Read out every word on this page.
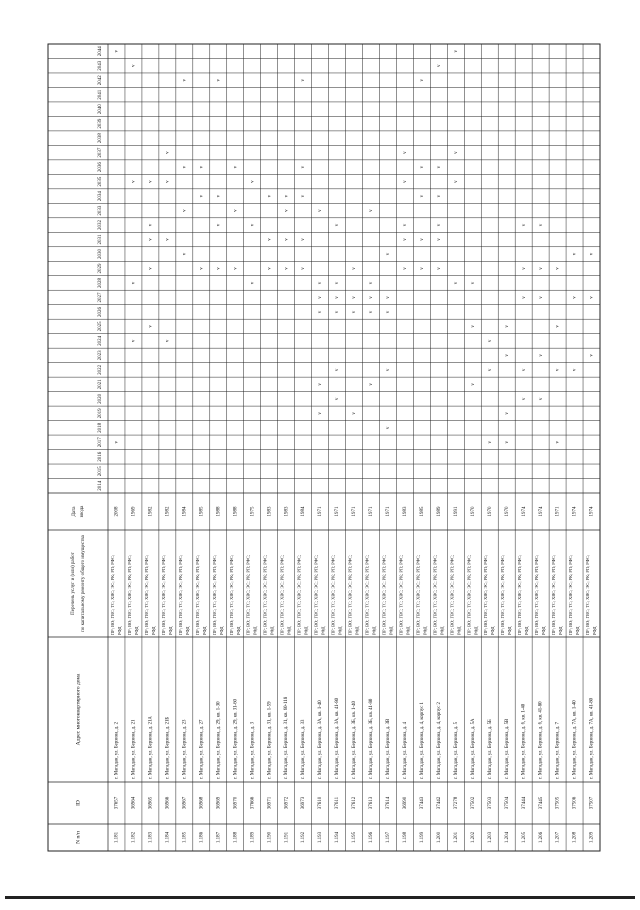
N п/п
ID
Адрес многоквартирного дома
Перечень услуг и (или) работ по капитальному ремонту общего имущества
Дата ввода
2014
2015
2016
2017
2018
2019
2020
2021
2022
2023
2024
2025
2026
2027
2028
2029
2030
2031
2032
2033
2034
2035
2036
2037
2038
2039
2040
2041
2042
2043
2044
1.181
37657
г. Магадан, ул. Берзина, д. 2
ПР; ВО; ГВС; ТС; ХВС; ЭС; РК; РП; РФС; РФД
2008
v
v
1.182
36964
г. Магадан, ул. Берзина, д. 21
ПР; ВО; ГВС; ТС; ХВС; ЭС; РК; РП; РФС; РФД
1969
v
v
v
v
1.183
36965
г. Магадан, ул. Берзина, д. 21А
ПР; ВО; ГВС; ТС; ХВС; ЭС; РК; РП; РФС; РФД
1982
v
v
v
v
v
1.184
36966
г. Магадан, ул. Берзина, д. 21Б
ПР; ВО; ГВС; ТС; ХВС; ЭС; РК; РП; РФС; РФД
1982
v
v
v
v
1.185
36967
г. Магадан, ул. Берзина, д. 23
ПР; ВО; ГВС; ТС; ХВС; ЭС; РК; РП; РФС; РФД
1984
v
v
v
v
1.186
36968
г. Магадан, ул. Берзина, д. 27
ПР; ВО; ГВС; ТС; ХВС; ЭС; РК; РП; РФС; РФД
1985
v
v
v
1.187
36969
г. Магадан, ул. Берзина, д. 29, кв. 1-30
ПР; ВО; ГВС; ТС; ХВС; ЭС; РК; РП; РФС; РФД
1988
v
v
v
v
1.188
36970
г. Магадан, ул. Берзина, д. 29, кв. 31-60
ПР; ВО; ГВС; ТС; ХВС; ЭС; РК; РП; РФС; РФД
1988
v
v
v
1.189
37666
г. Магадан, ул. Берзина, д. 3
ПР; ВО; ГВС; ТС; ХВС; ЭС; РК; РП; РФС; РФД
1975
v
v
v
1.190
36971
г. Магадан, ул. Берзина, д. 31, кв. 1-59
ПР; ВО; ГВС; ТС; ХВС; ЭС; РК; РП; РФС; РФД
1983
v
v
v
1.191
36972
г. Магадан, ул. Берзина, д. 31, кв. 60-118
ПР; ВО; ГВС; ТС; ХВС; ЭС; РК; РП; РФС; РФД
1983
v
v
v
v
1.192
36973
г. Магадан, ул. Берзина, д. 33
ПР; ВО; ГВС; ТС; ХВС; ЭС; РК; РП; РФС; РФД
1984
v
v
v
v
v
1.193
37610
г. Магадан, ул. Берзина, д. 3А, кв. 1-40
ПР; ВО; ГВС; ТС; ХВС; ЭС; РК; РП; РФС; РФД
1971
v
v
v
v
v
v
1.194
37611
г. Магадан, ул. Берзина, д. 3А, кв. 41-80
ПР; ВО; ГВС; ТС; ХВС; ЭС; РК; РП; РФС; РФД
1971
v
v
v
v
v
v
1.195
37612
г. Магадан, ул. Берзина, д. 3Б, кв. 1-40
ПР; ВО; ГВС; ТС; ХВС; ЭС; РК; РП; РФС; РФД
1971
v
v
v
v
1.196
37613
г. Магадан, ул. Берзина, д. 3Б, кв. 41-80
ПР; ВО; ГВС; ТС; ХВС; ЭС; РК; РП; РФС; РФД
1971
v
v
v
v
v
1.197
37614
г. Магадан, ул. Берзина, д. 3В
ПР; ВО; ГВС; ТС; ХВС; ЭС; РК; РП; РФС; РФД
1971
v
v
v
v
v
1.198
36990
г. Магадан, ул. Берзина, д. 4
ПР; ВО; ГВС; ТС; ХВС; ЭС; РК; РП; РФС; РФД
1983
v
v
v
v
v
1.199
37443
г. Магадан, ул. Берзина, д. 4, корпус 1
ПР; ВО; ГВС; ТС; ХВС; ЭС; РК; РП; РФС; РФД
1985
v
v
v
v
v
1.200
37442
г. Магадан, ул. Берзина, д. 4, корпус 2
ПР; ВО; ГВС; ТС; ХВС; ЭС; РК; РП; РФС; РФД
1989
v
v
v
v
v
v
1.201
37278
г. Магадан, ул. Берзина, д. 5
ПР; ВО; ГВС; ТС; ХВС; ЭС; РК; РП; РФС; РФД
1991
v
v
v
v
1.202
37502
г. Магадан, ул. Берзина, д. 5А
ПР; ВО; ГВС; ТС; ХВС; ЭС; РК; РП; РФС; РФД
1970
v
v
v
1.203
37503
г. Магадан, ул. Берзина, д. 5Б
ПР; ВО; ГВС; ТС; ХВС; ЭС; РК; РП; РФС; РФД
1970
v
v
v
1.204
37504
г. Магадан, ул. Берзина, д. 5В
ПР; ВО; ГВС; ТС; ХВС; ЭС; РК; РП; РФС; РФД
1970
v
v
v
v
1.205
37444
г. Магадан, ул. Берзина, д. 6, кв. 1-40
ПР; ВО; ГВС; ТС; ХВС; ЭС; РК; РП; РФС; РФД
1974
v
v
v
v
v
1.206
37445
г. Магадан, ул. Берзина, д. 6, кв. 41-80
ПР; ВО; ГВС; ТС; ХВС; ЭС; РК; РП; РФС; РФД
1974
v
v
v
v
v
1.207
37505
г. Магадан, ул. Берзина, д. 7
ПР; ВО; ГВС; ТС; ХВС; ЭС; РК; РП; РФС; РФД
1971
v
v
v
v
1.208
37506
г. Магадан, ул. Берзина, д. 7А, кв. 1-40
ПР; ВО; ГВС; ТС; ХВС; ЭС; РК; РП; РФС; РФД
1974
v
v
v
1.209
37507
г. Магадан, ул. Берзина, д. 7А, кв. 41-80
ПР; ВО; ГВС; ТС; ХВС; ЭС; РК; РП; РФС; РФД
1974
v
v
v
